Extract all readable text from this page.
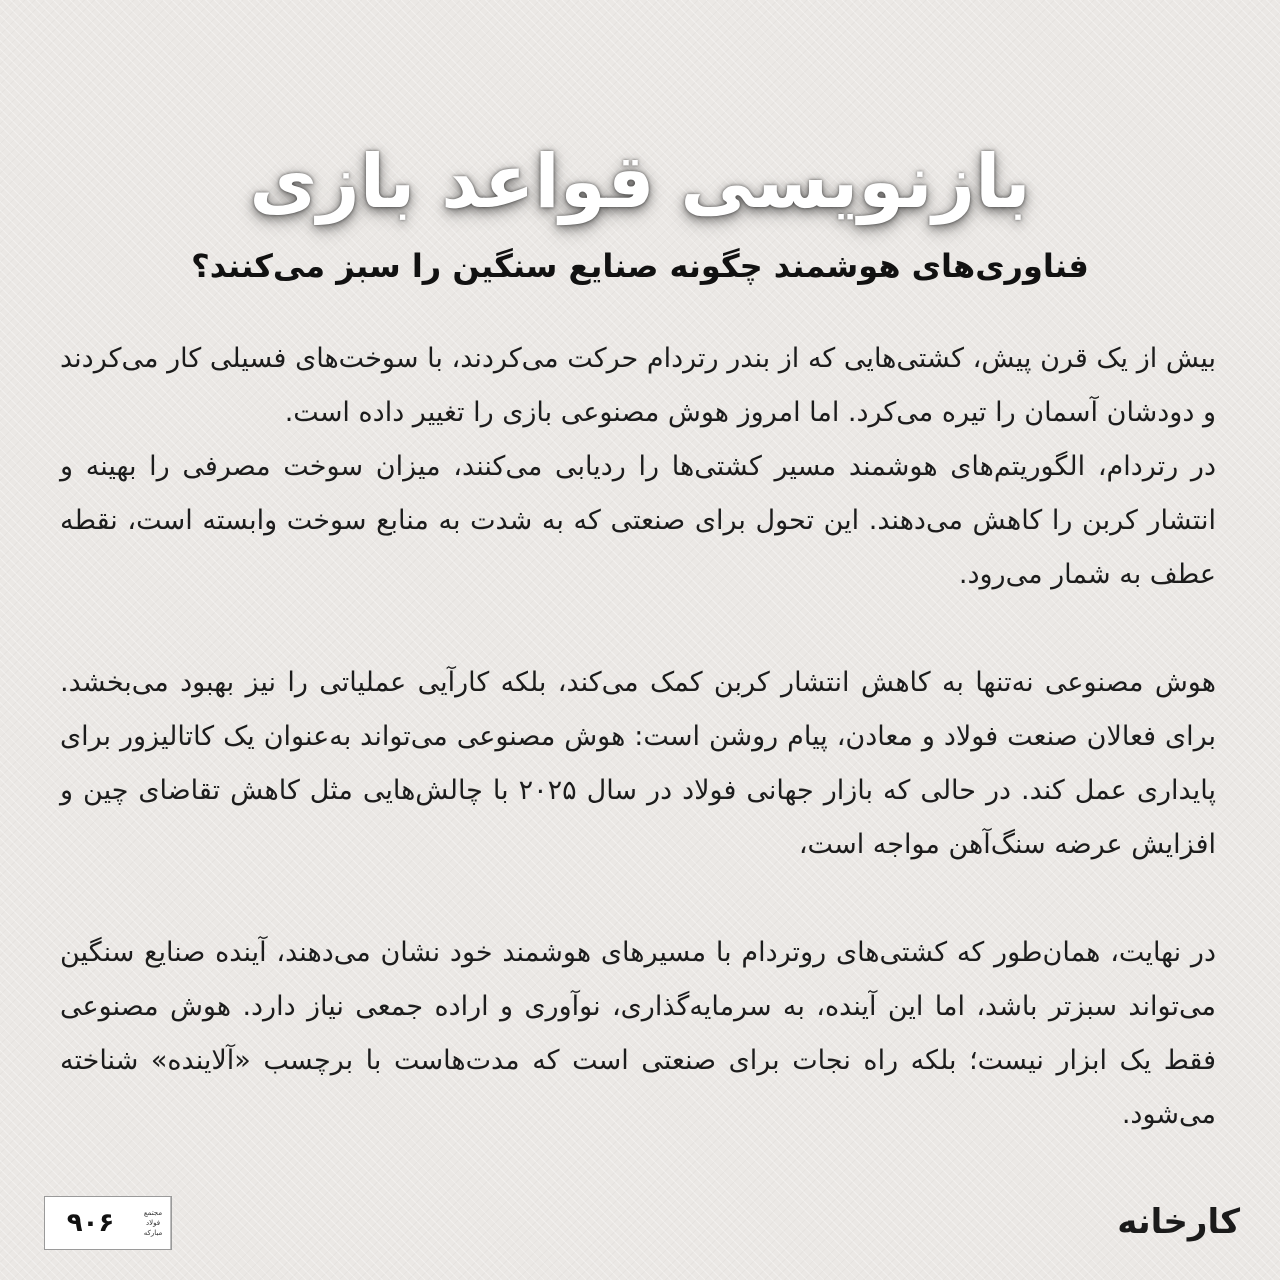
بازنویسی قواعد بازی
فناوری‌های هوشمند چگونه صنایع سنگین را سبز می‌کنند؟

بیش از یک قرن پیش، کشتی‌هایی که از بندر رتردام حرکت می‌کردند، با سوخت‌های فسیلی کار می‌کردند و دودشان آسمان را تیره می‌کرد. اما امروز هوش مصنوعی بازی را تغییر داده است.

در رتردام، الگوریتم‌های هوشمند مسیر کشتی‌ها را ردیابی می‌کنند، میزان سوخت مصرفی را بهینه و انتشار کربن را کاهش می‌دهند. این تحول برای صنعتی که به شدت به منابع سوخت وابسته است، نقطه عطف به شمار می‌رود.

هوش مصنوعی نه‌تنها به کاهش انتشار کربن کمک می‌کند، بلکه کارآیی عملیاتی را نیز بهبود می‌بخشد. برای فعالان صنعت فولاد و معادن، پیام روشن است: هوش مصنوعی می‌تواند به‌عنوان یک کاتالیزور برای پایداری عمل کند. در حالی که بازار جهانی فولاد در سال ۲۰۲۵ با چالش‌هایی مثل کاهش تقاضای چین و افزایش عرضه سنگ‌آهن مواجه است،

در نهایت، همان‌طور که کشتی‌های روتردام با مسیرهای هوشمند خود نشان می‌دهند، آینده صنایع سنگین می‌تواند سبزتر باشد، اما این آینده، به سرمایه‌گذاری، نوآوری و اراده جمعی نیاز دارد. هوش مصنوعی فقط یک ابزار نیست؛ بلکه راه نجات برای صنعتی است که مدت‌هاست با برچسب «آلاینده» شناخته می‌شود.

۹۰۶	مجتمع
فولاد
مبارکه	کارخانه
